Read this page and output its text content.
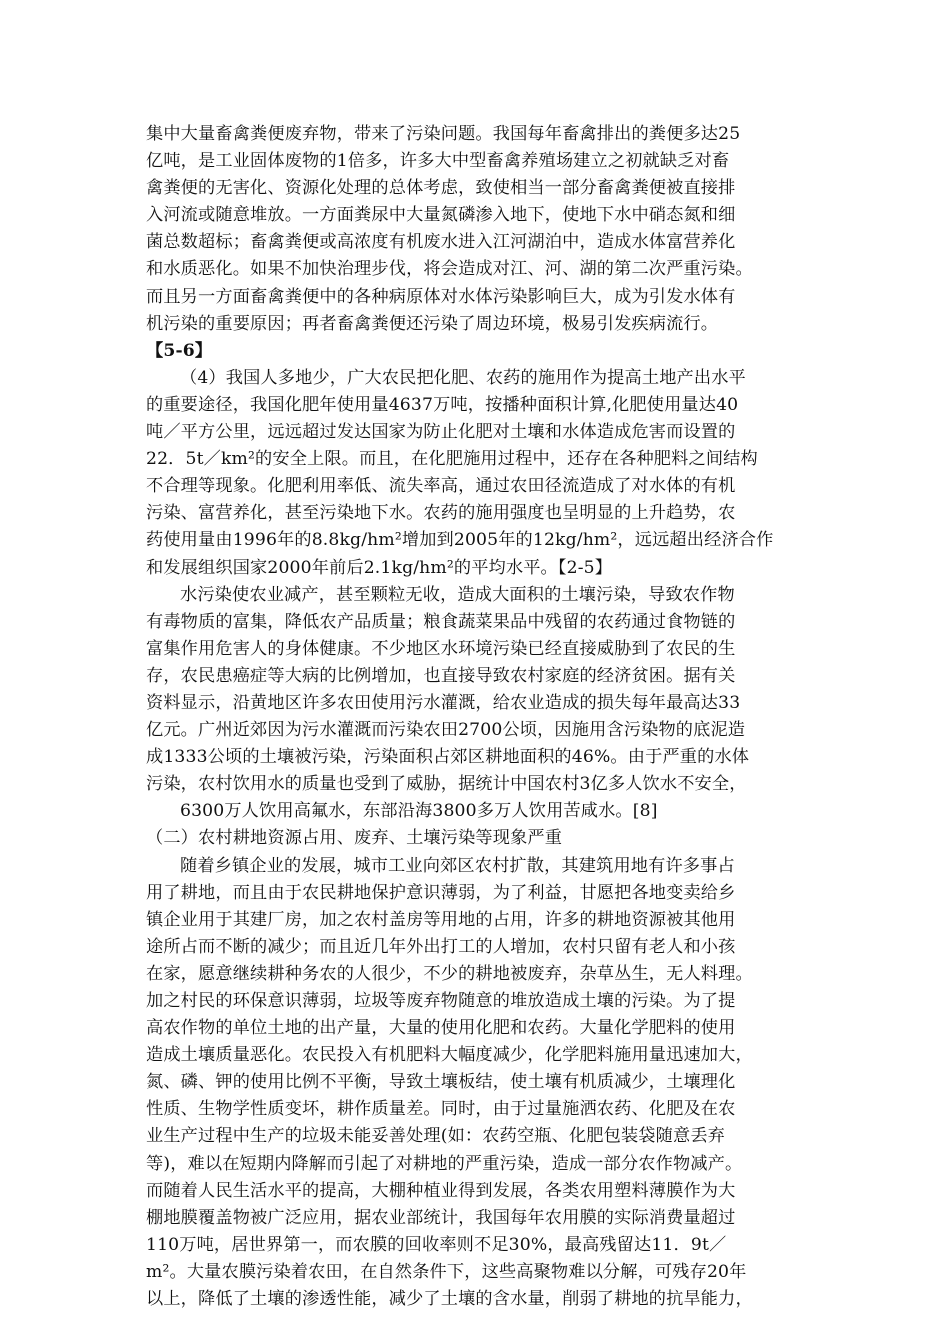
集中大量畜禽粪便废弃物，带来了污染问题。我国每年畜禽排出的粪便多达25
亿吨，是工业固体废物的1倍多，许多大中型畜禽养殖场建立之初就缺乏对畜
禽粪便的无害化、资源化处理的总体考虑，致使相当一部分畜禽粪便被直接排
入河流或随意堆放。一方面粪尿中大量氮磷渗入地下，使地下水中硝态氮和细
菌总数超标；畜禽粪便或高浓度有机废水进入江河湖泊中，造成水体富营养化
和水质恶化。如果不加快治理步伐，将会造成对江、河、湖的第二次严重污染。
而且另一方面畜禽粪便中的各种病原体对水体污染影响巨大，成为引发水体有
机污染的重要原因；再者畜禽粪便还污染了周边环境，极易引发疾病流行。
【5-6】
（4）我国人多地少，广大农民把化肥、农药的施用作为提高土地产出水平
的重要途径，我国化肥年使用量4637万吨，按播种面积计算,化肥使用量达40
吨／平方公里，远远超过发达国家为防止化肥对土壤和水体造成危害而设置的
22．5t／km²的安全上限。而且，在化肥施用过程中，还存在各种肥料之间结构
不合理等现象。化肥利用率低、流失率高，通过农田径流造成了对水体的有机
污染、富营养化，甚至污染地下水。农药的施用强度也呈明显的上升趋势，农
药使用量由1996年的8.8kg/hm²增加到2005年的12kg/hm²，远远超出经济合作
和发展组织国家2000年前后2.1kg/hm²的平均水平。【2-5】
水污染使农业减产，甚至颗粒无收，造成大面积的土壤污染，导致农作物
有毒物质的富集，降低农产品质量；粮食蔬菜果品中残留的农药通过食物链的
富集作用危害人的身体健康。不少地区水环境污染已经直接威胁到了农民的生
存，农民患癌症等大病的比例增加，也直接导致农村家庭的经济贫困。据有关
资料显示，沿黄地区许多农田使用污水灌溉，给农业造成的损失每年最高达33
亿元。广州近郊因为污水灌溉而污染农田2700公顷，因施用含污染物的底泥造
成1333公顷的土壤被污染，污染面积占郊区耕地面积的46%。由于严重的水体
污染，农村饮用水的质量也受到了威胁，据统计中国农村3亿多人饮水不安全，
6300万人饮用高氟水，东部沿海3800多万人饮用苦咸水。[8]
（二）农村耕地资源占用、废弃、土壤污染等现象严重
随着乡镇企业的发展，城市工业向郊区农村扩散，其建筑用地有许多事占
用了耕地，而且由于农民耕地保护意识薄弱，为了利益，甘愿把各地变卖给乡
镇企业用于其建厂房，加之农村盖房等用地的占用，许多的耕地资源被其他用
途所占而不断的减少；而且近几年外出打工的人增加，农村只留有老人和小孩
在家，愿意继续耕种务农的人很少，不少的耕地被废弃，杂草丛生，无人料理。
加之村民的环保意识薄弱，垃圾等废弃物随意的堆放造成土壤的污染。为了提
高农作物的单位土地的出产量，大量的使用化肥和农药。大量化学肥料的使用
造成土壤质量恶化。农民投入有机肥料大幅度减少，化学肥料施用量迅速加大，
氮、磷、钾的使用比例不平衡，导致土壤板结，使土壤有机质减少，土壤理化
性质、生物学性质变坏，耕作质量差。同时，由于过量施洒农药、化肥及在农
业生产过程中生产的垃圾未能妥善处理(如：农药空瓶、化肥包装袋随意丢弃
等)，难以在短期内降解而引起了对耕地的严重污染，造成一部分农作物减产。
而随着人民生活水平的提高，大棚种植业得到发展，各类农用塑料薄膜作为大
棚地膜覆盖物被广泛应用，据农业部统计，我国每年农用膜的实际消费量超过
110万吨，居世界第一，而农膜的回收率则不足30%，最高残留达11．9t／
m²。大量农膜污染着农田，在自然条件下，这些高聚物难以分解，可残存20年
以上，降低了土壤的渗透性能，减少了土壤的含水量，削弱了耕地的抗旱能力，
